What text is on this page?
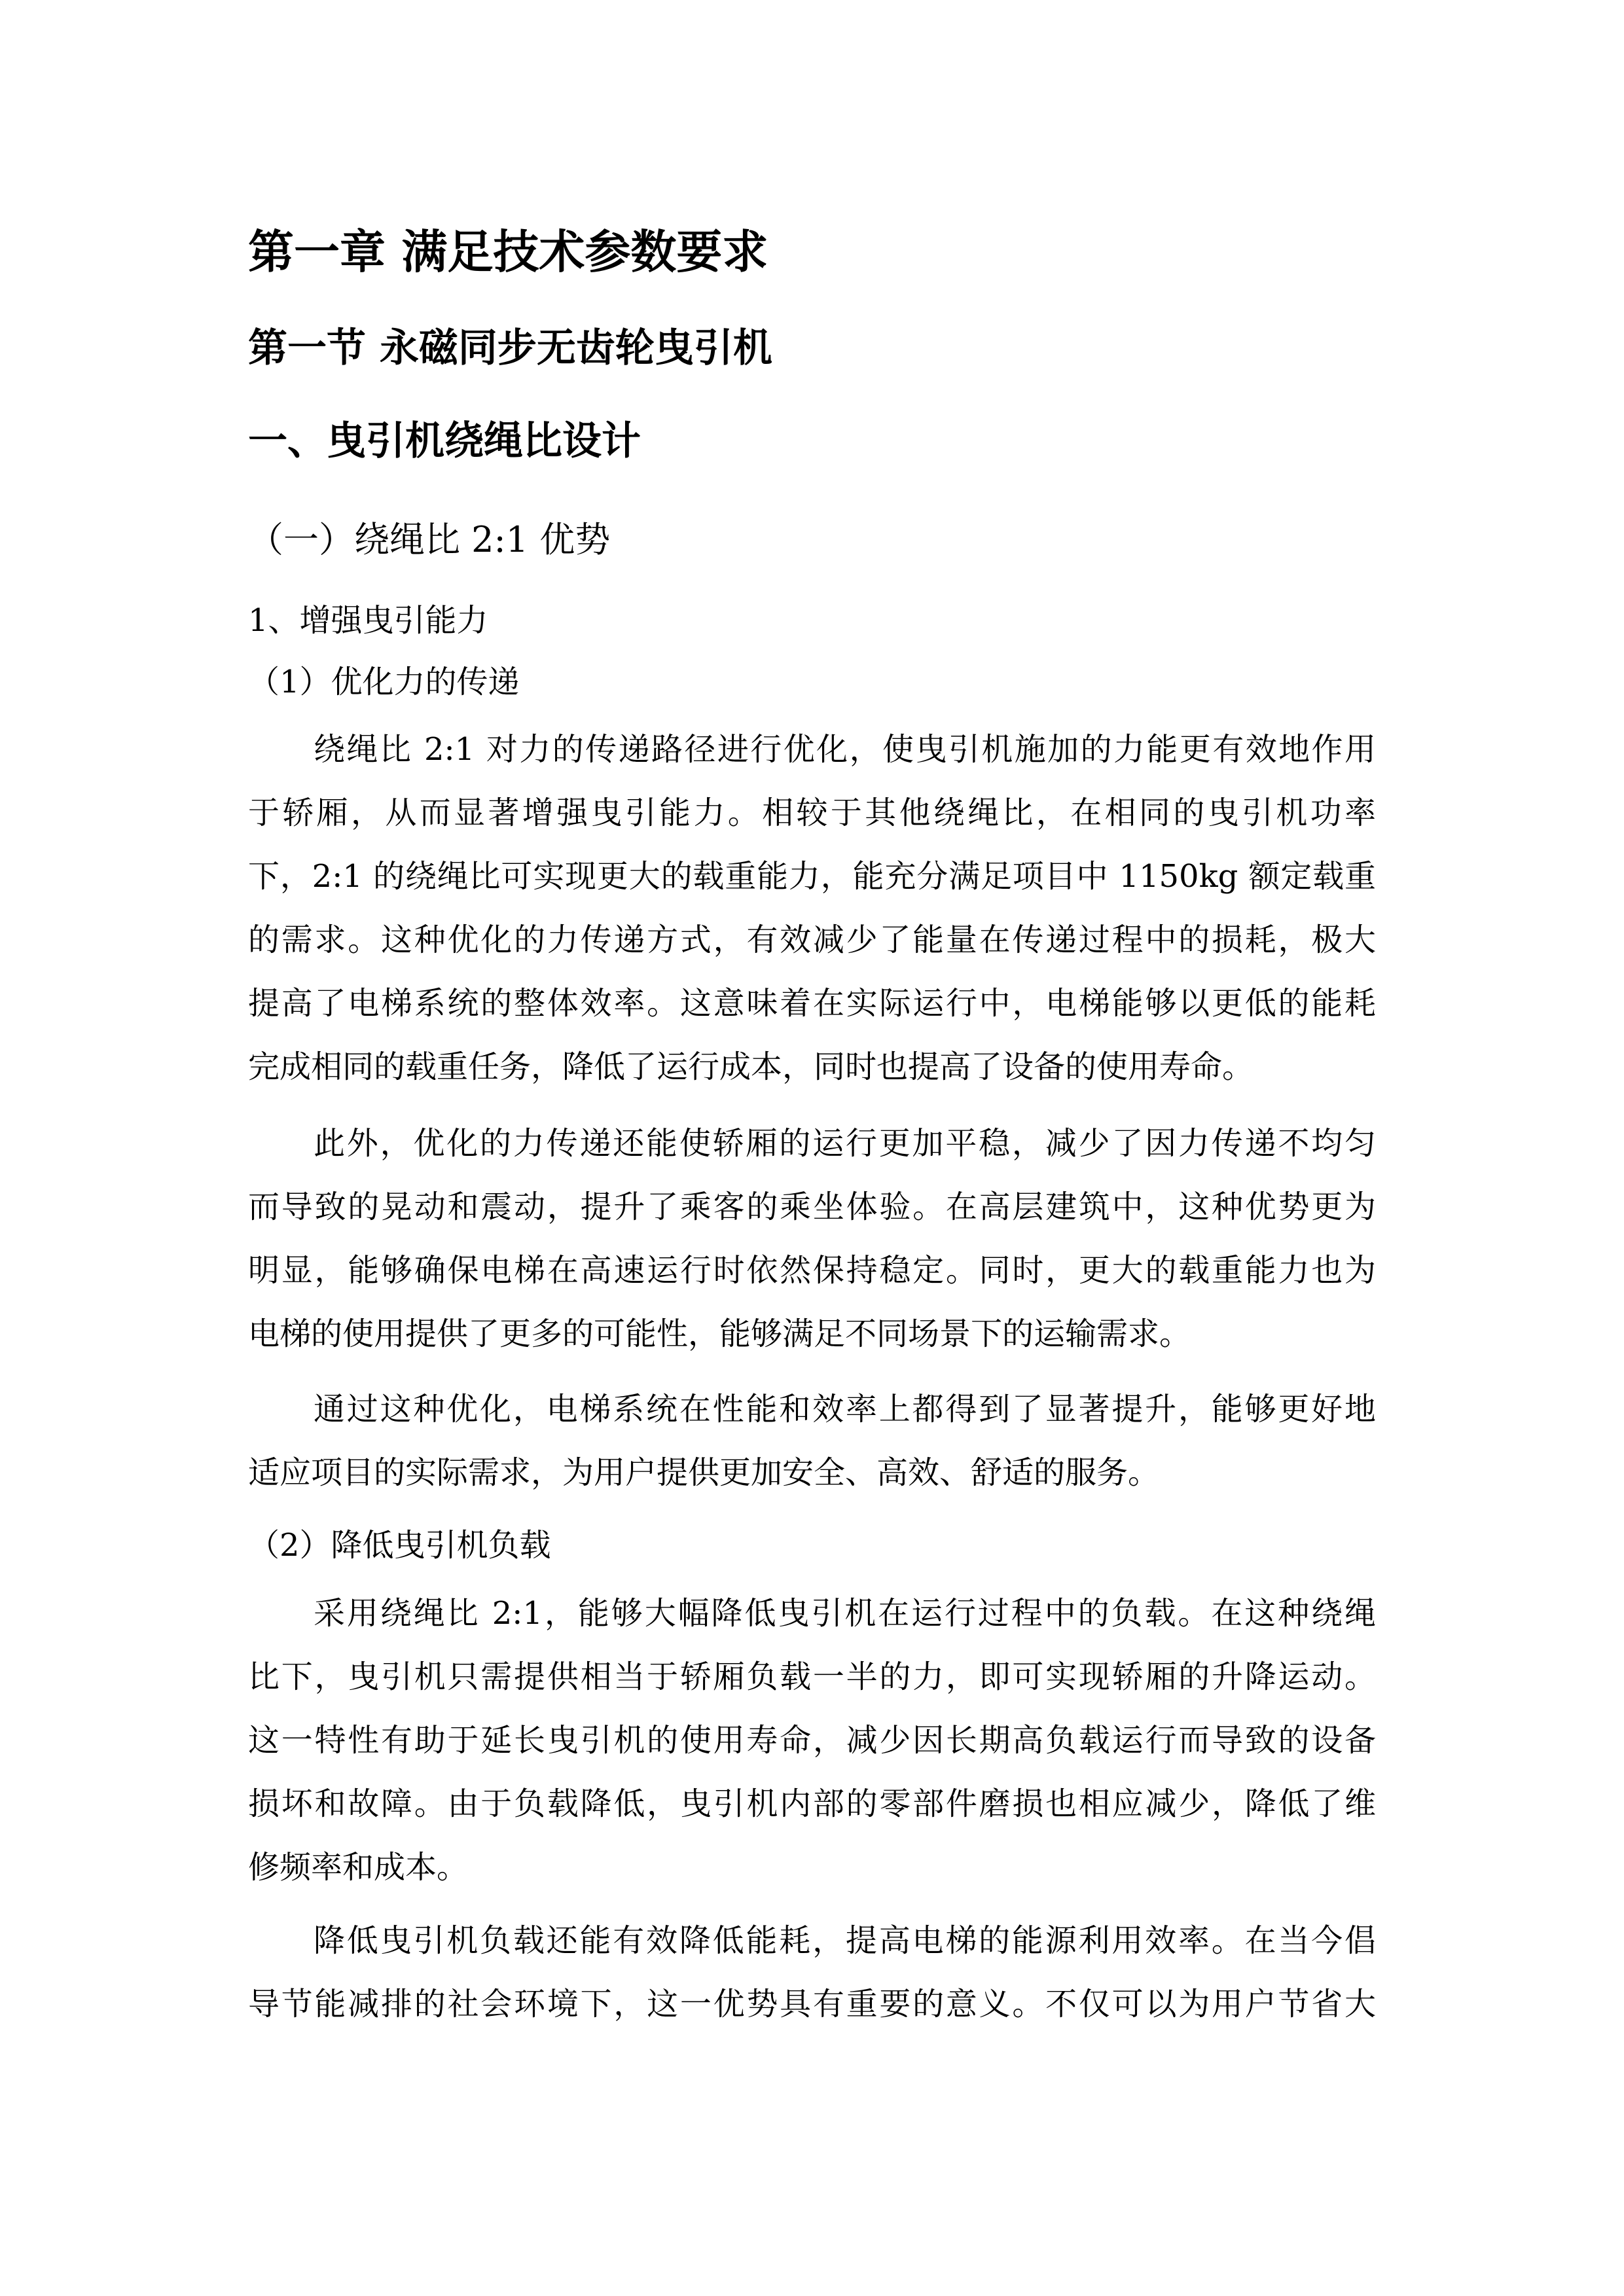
第一章 满足技术参数要求
第一节 永磁同步无齿轮曳引机
一、曳引机绕绳比设计
（一）绕绳比 2:1 优势
1、增强曳引能力
（1）优化力的传递
绕绳比 2:1 对力的传递路径进行优化，使曳引机施加的力能更有效地作用
于轿厢，从而显著增强曳引能力。相较于其他绕绳比，在相同的曳引机功率
下，2:1 的绕绳比可实现更大的载重能力，能充分满足项目中 1150kg 额定载重
的需求。这种优化的力传递方式，有效减少了能量在传递过程中的损耗，极大
提高了电梯系统的整体效率。这意味着在实际运行中，电梯能够以更低的能耗
完成相同的载重任务，降低了运行成本，同时也提高了设备的使用寿命。
此外，优化的力传递还能使轿厢的运行更加平稳，减少了因力传递不均匀
而导致的晃动和震动，提升了乘客的乘坐体验。在高层建筑中，这种优势更为
明显，能够确保电梯在高速运行时依然保持稳定。同时，更大的载重能力也为
电梯的使用提供了更多的可能性，能够满足不同场景下的运输需求。
通过这种优化，电梯系统在性能和效率上都得到了显著提升，能够更好地
适应项目的实际需求，为用户提供更加安全、高效、舒适的服务。
（2）降低曳引机负载
采用绕绳比 2:1，能够大幅降低曳引机在运行过程中的负载。在这种绕绳
比下，曳引机只需提供相当于轿厢负载一半的力，即可实现轿厢的升降运动。
这一特性有助于延长曳引机的使用寿命，减少因长期高负载运行而导致的设备
损坏和故障。由于负载降低，曳引机内部的零部件磨损也相应减少，降低了维
修频率和成本。
降低曳引机负载还能有效降低能耗，提高电梯的能源利用效率。在当今倡
导节能减排的社会环境下，这一优势具有重要的意义。不仅可以为用户节省大
